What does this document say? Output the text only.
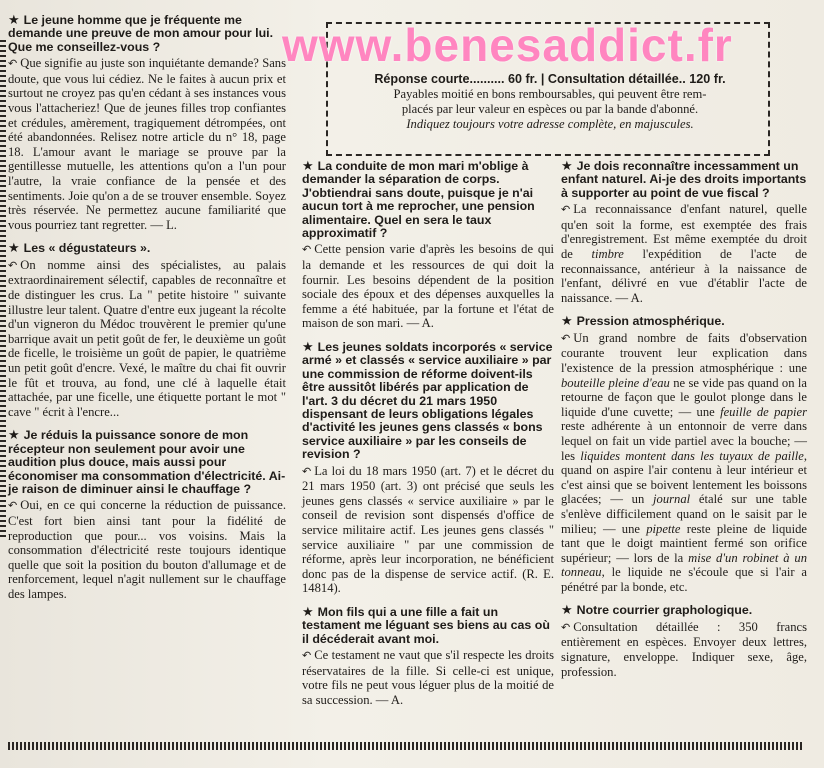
★ Le jeune homme que je fréquente me demande une preuve de mon amour pour lui. Que me conseillez-vous ?

↶ Que signifie au juste son inquiétante demande? Sans doute, que vous lui cédiez. Ne le faites à aucun prix et surtout ne croyez pas qu'en cédant à ses instances vous vous l'attacheriez! Que de jeunes filles trop confiantes et crédules, amèrement, tragiquement détrompées, ont été abandonnées. Relisez notre article du n° 18, page 18. L'amour avant le mariage se prouve par la gentillesse mutuelle, les attentions qu'on a l'un pour l'autre, la vraie confiance de la pensée et des sentiments. Joie qu'on a de se trouver ensemble. Soyez très réservée. Ne permettez aucune familiarité que vous pourriez tant regretter. — L.

★ Les « dégustateurs ».

↶ On nomme ainsi des spécialistes, au palais extraordinairement sélectif, capables de reconnaître et de distinguer les crus. La " petite histoire " suivante illustre leur talent. Quatre d'entre eux jugeant la récolte d'un vigneron du Médoc trouvèrent le premier qu'une barrique avait un petit goût de fer, le deuxième un goût de ficelle, le troisième un goût de papier, le quatrième un petit goût d'encre. Vexé, le maître du chai fit ouvrir le fût et trouva, au fond, une clé à laquelle était attachée, par une ficelle, une étiquette portant le mot " cave " écrit à l'encre...

★ Je réduis la puissance sonore de mon récepteur non seulement pour avoir une audition plus douce, mais aussi pour économiser ma consommation d'électricité. Ai-je raison de diminuer ainsi le chauffage ?

↶ Oui, en ce qui concerne la réduction de puissance. C'est fort bien ainsi tant pour la fidélité de reproduction que pour... vos voisins. Mais la consommation d'électricité reste toujours identique quelle que soit la position du bouton d'allumage et de renforcement, lequel n'agit nullement sur le chauffage des lampes.

Réponse courte.......... 60 fr. | Consultation détaillée.. 120 fr.
Payables moitié en bons remboursables, qui peuvent être rem-
placés par leur valeur en espèces ou par la bande d'abonné.
Indiquez toujours votre adresse complète, en majuscules.

★ La conduite de mon mari m'oblige à demander la séparation de corps. J'obtiendrai sans doute, puisque je n'ai aucun tort à me reprocher, une pension alimentaire. Quel en sera le taux approximatif ?

↶ Cette pension varie d'après les besoins de qui la demande et les ressources de qui doit la fournir. Les besoins dépendent de la position sociale des époux et des dépenses auxquelles la femme a été habituée, par la fortune et l'état de maison de son mari. — A.

★ Les jeunes soldats incorporés « service armé » et classés « service auxiliaire » par une commission de réforme doivent-ils être aussitôt libérés par application de l'art. 3 du décret du 21 mars 1950 dispensant de leurs obligations légales d'activité les jeunes gens classés « bons service auxiliaire » par les conseils de revision ?

↶ La loi du 18 mars 1950 (art. 7) et le décret du 21 mars 1950 (art. 3) ont précisé que seuls les jeunes gens classés « service auxiliaire » par le conseil de revision sont dispensés d'office de service militaire actif. Les jeunes gens classés " service auxiliaire " par une commission de réforme, après leur incorporation, ne bénéficient donc pas de la dispense de service actif. (R. E. 14814).

★ Mon fils qui a une fille a fait un testament me léguant ses biens au cas où il décéderait avant moi.

↶ Ce testament ne vaut que s'il respecte les droits réservataires de la fille. Si celle-ci est unique, votre fils ne peut vous léguer plus de la moitié de sa succession. — A.

★ Je dois reconnaître incessamment un enfant naturel. Ai-je des droits importants à supporter au point de vue fiscal ?

↶ La reconnaissance d'enfant naturel, quelle qu'en soit la forme, est exemptée des frais d'enregistrement. Est même exemptée du droit de timbre l'expédition de l'acte de reconnaissance, antérieur à la naissance de l'enfant, délivré en vue d'établir l'acte de naissance. — A.

★ Pression atmosphérique.

↶ Un grand nombre de faits d'observation courante trouvent leur explication dans l'existence de la pression atmosphérique : une bouteille pleine d'eau ne se vide pas quand on la retourne de façon que le goulot plonge dans le liquide d'une cuvette; — une feuille de papier reste adhérente à un entonnoir de verre dans lequel on fait un vide partiel avec la bouche; — les liquides montent dans les tuyaux de paille, quand on aspire l'air contenu à leur intérieur et c'est ainsi que se boivent lentement les boissons glacées; — un journal étalé sur une table s'enlève difficilement quand on le saisit par le milieu; — une pipette reste pleine de liquide tant que le doigt maintient fermé son orifice supérieur; — lors de la mise d'un robinet à un tonneau, le liquide ne s'écoule que si l'air a pénétré par la bonde, etc.

★ Notre courrier graphologique.

↶ Consultation détaillée : 350 francs entièrement en espèces. Envoyer deux lettres, signature, enveloppe. Indiquer sexe, âge, profession.

www.benesaddict.fr
